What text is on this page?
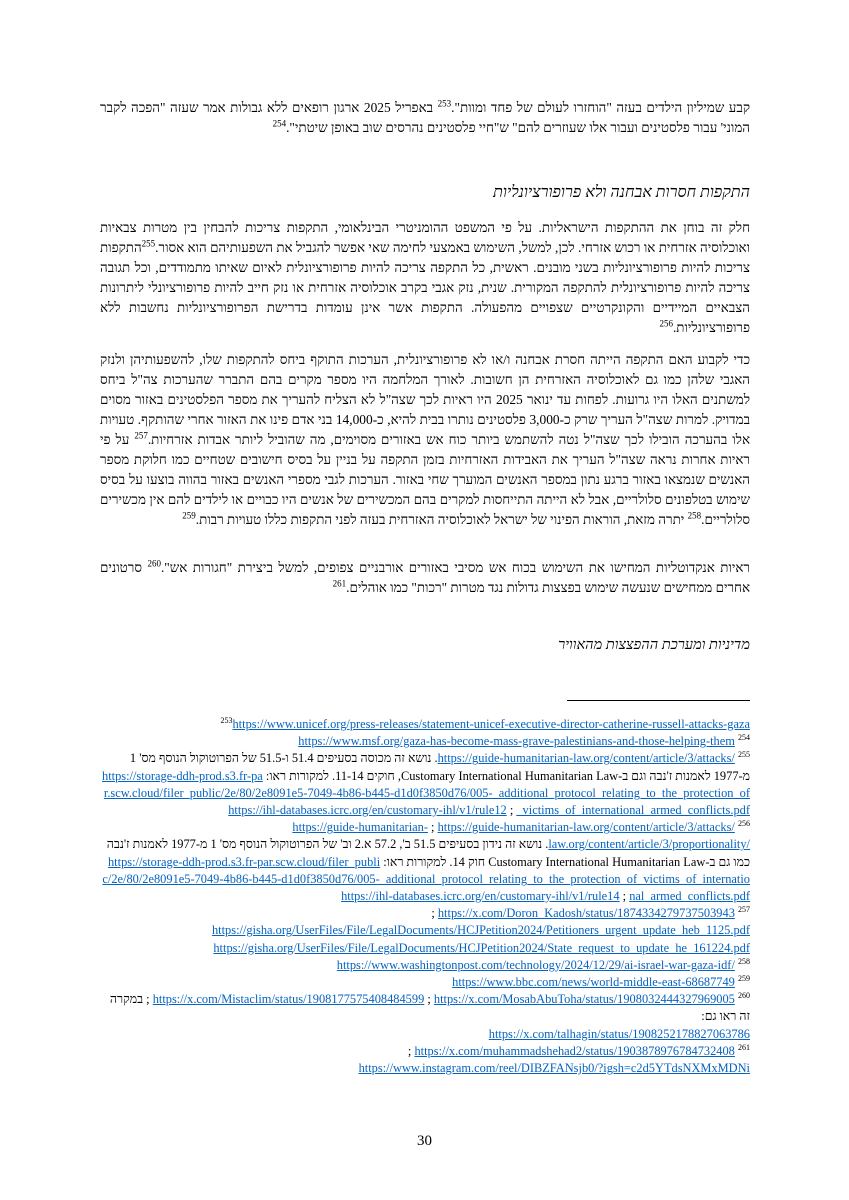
קבע שמיליון הילדים בעזה "הוחזרו לעולם של פחד ומוות".$^{253}$ באפריל 2025 ארגון רופאים ללא גבולות אמר שעזה "הפכה לקבר המוני' עבור פלסטינים ועבור אלו שעוזרים להם" ש"חיי פלסטינים נהרסים שוב באופן שיטתי".$^{254}$
התקפות חסרות אבחנה ולא פרופורציונליות
חלק זה בוחן את ההתקפות הישראליות. על פי המשפט ההומניטרי הבינלאומי, התקפות צריכות להבחין בין מטרות צבאיות ואוכלוסיה אזרחית או רכוש אזרחי. לכן, למשל, השימוש באמצעי לחימה שאי אפשר להגביל את השפעותיהם הוא אסור.$^{255}$התקפות צריכות להיות פרופורציונליות בשני מובנים. ראשית, כל התקפה צריכה להיות פרופורציונלית לאיום שאיתו מתמודדים, וכל תגובה צריכה להיות פרופורציונלית להתקפה המקורית. שנית, נזק אגבי בקרב אוכלוסיה אזרחית או נזק חייב להיות פרופורציונלי ליתרונות הצבאיים המיידיים והקונקרטיים שצפויים מהפעולה. התקפות אשר אינן עומדות בדרישת הפרופורציונליות נחשבות ללא פרופורציונליות.$^{256}$
כדי לקבוע האם התקפה הייתה חסרת אבחנה ו/או לא פרופורציונלית, הערכות התוקף ביחס להתקפות שלו, להשפעותיהן ולנזק האגבי שלהן כמו גם לאוכלוסיה האזרחית הן חשובות. לאורך המלחמה היו מספר מקרים בהם התברר שהערכות צה"ל ביחס למשתנים האלו היו גרועות. לפחות עד ינואר 2025 היו ראיות לכך שצה"ל לא הצליח להעריך את מספר הפלסטינים באזור מסוים במדויק. למרות שצה"ל העריך שרק כ-3,000 פלסטינים נותרו בבית להיא, כ-14,000 בני אדם פינו את האזור אחרי שהותקף. טעויות אלו בהערכה הובילו לכך שצה"ל נטה להשתמש ביותר כוח אש באזורים מסוימים, מה שהוביל ליותר אבדות אזרחיות.$^{257}$ על פי ראיות אחרות נראה שצה"ל העריך את האבידות האזרחיות בזמן התקפה על בניין על בסיס חישובים שטחיים כמו חלוקת מספר האנשים שנמצאו באזור ברגע נתון במספר האנשים המוערך שחי באזור. הערכות לגבי מספרי האנשים באזור בהווה בוצעו על בסיס שימוש בטלפונים סלולריים, אבל לא הייתה התייחסות למקרים בהם המכשירים של אנשים היו כבויים או לילדים להם אין מכשירים סלולריים.$^{258}$ יתרה מזאת, הוראות הפינוי של ישראל לאוכלוסיה האזרחית בעזה לפני התקפות כללו טעויות רבות.$^{259}$
ראיות אנקדוטליות המחישו את השימוש בכוח אש מסיבי באזורים אורבניים צפופים, למשל ביצירת "חגורות אש".$^{260}$ סרטונים אחרים ממחישים שנעשה שימוש בפצצות גדולות נגד מטרות "רכות" כמו אוהלים.$^{261}$
מדיניות ומערכת ההפצצות מהאוויר

https://www.unicef.org/press-releases/statement-unicef-executive-director-catherine-russell-attacks-gaza$^{253}$

$^{254}$ https://www.msf.org/gaza-has-become-mass-grave-palestinians-and-those-helping-them

$^{255}$ https://guide-humanitarian-law.org/content/article/3/attacks/. נושא זה מכוסה בסעיפים 51.4 ו-51.5 של הפרוטוקול הנוסף מס' 1 מ-1977 לאמנות ז'נבה וגם ב-Customary International Humanitarian Law, חוקים 11-14. למקורות ראו: https://storage-ddh-prod.s3.fr-par.scw.cloud/filer_public/2e/80/2e8091e5-7049-4b86-b445-d1d0f3850d76/005-_additional_protocol_relating_to_the_protection_of_victims_of_international_armed_conflicts.pdf ; https://ihl-databases.icrc.org/en/customary-ihl/v1/rule12

$^{256}$ https://guide-humanitarian-law.org/content/article/3/attacks/ ; https://guide-humanitarian-law.org/content/article/3/proportionality/. נושא זה נידון בסעיפים 51.5 ב', 57.2 א.2 וב' של הפרוטוקול הנוסף מס' 1 מ-1977 לאמנות ז'נבה כמו גם ב-Customary International Humanitarian Law חוק 14. למקורות ראו: https://storage-ddh-prod.s3.fr-par.scw.cloud/filer_public/2e/80/2e8091e5-7049-4b86-b445-d1d0f3850d76/005-_additional_protocol_relating_to_the_protection_of_victims_of_international_armed_conflicts.pdf ; https://ihl-databases.icrc.org/en/customary-ihl/v1/rule14

$^{257}$ https://x.com/Doron_Kadosh/status/1874334279737503943 ; https://gisha.org/UserFiles/File/LegalDocuments/HCJPetition2024/Petitioners_urgent_update_heb_1125.pdf
https://gisha.org/UserFiles/File/LegalDocuments/HCJPetition2024/State_request_to_update_he_161224.pdf

$^{258}$ https://www.washingtonpost.com/technology/2024/12/29/ai-israel-war-gaza-idf/

$^{259}$ https://www.bbc.com/news/world-middle-east-68687749

$^{260}$ https://x.com/MosabAbuToha/status/1908032444327969005 ; https://x.com/Mistaclim/status/1908177575408484599 ; במקרה זה ראו גם:
https://x.com/talhagin/status/1908252178827063786

$^{261}$ https://x.com/muhammadshehad2/status/1903878976784732408 ;
https://www.instagram.com/reel/DIBZFANsjb0/?igsh=c2d5YTdsNXMxMDNi

30
